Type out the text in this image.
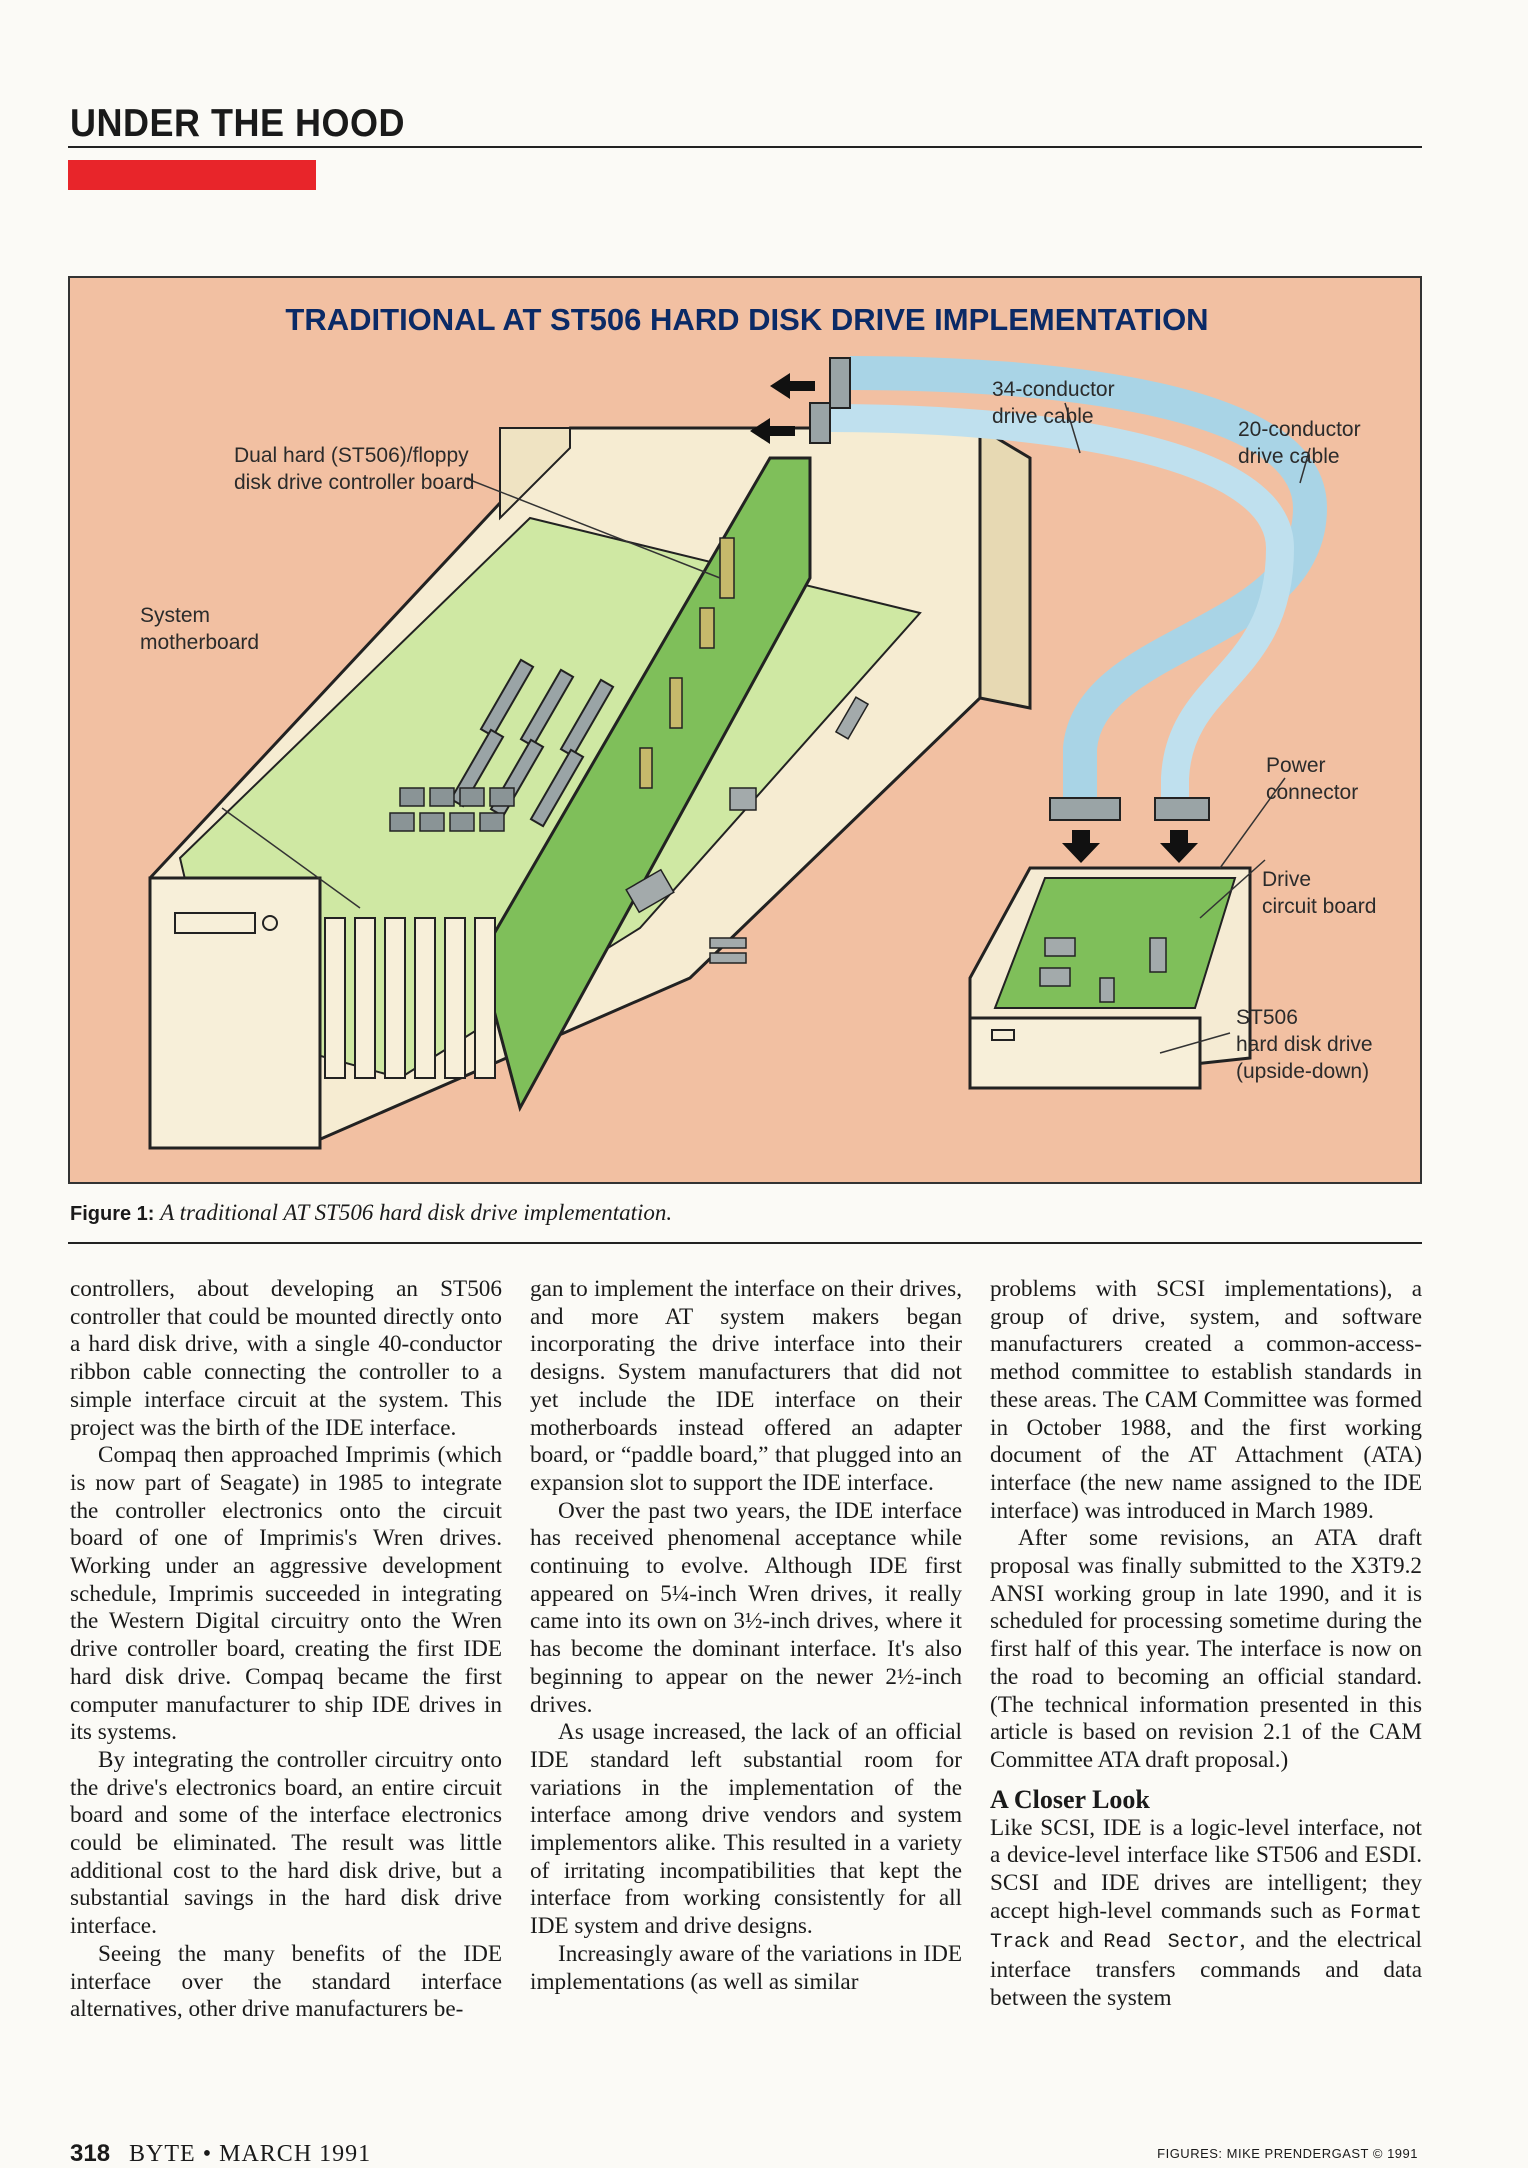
UNDER THE HOOD
TRADITIONAL AT ST506 HARD DISK DRIVE IMPLEMENTATION
Dual hard (ST506)/floppy
disk drive controller board
System
motherboard
34-conductor
drive cable
20-conductor
drive cable
Power
connector
Drive
circuit board
ST506
hard disk drive
(upside-down)
Figure 1: A traditional AT ST506 hard disk drive implementation.

controllers, about developing an ST506 controller that could be mounted directly onto a hard disk drive, with a single 40-conductor ribbon cable connecting the controller to a simple interface circuit at the system. This project was the birth of the IDE interface.

Compaq then approached Imprimis (which is now part of Seagate) in 1985 to integrate the controller electronics onto the circuit board of one of Imprimis's Wren drives. Working under an aggressive development schedule, Imprimis succeeded in integrating the Western Digital circuitry onto the Wren drive controller board, creating the first IDE hard disk drive. Compaq became the first computer manufacturer to ship IDE drives in its systems.

By integrating the controller circuitry onto the drive's electronics board, an entire circuit board and some of the interface electronics could be eliminated. The result was little additional cost to the hard disk drive, but a substantial savings in the hard disk drive interface.

Seeing the many benefits of the IDE interface over the standard interface alternatives, other drive manufacturers be-

gan to implement the interface on their drives, and more AT system makers began incorporating the drive interface into their designs. System manufacturers that did not yet include the IDE interface on their motherboards instead offered an adapter board, or “paddle board,” that plugged into an expansion slot to support the IDE interface.

Over the past two years, the IDE interface has received phenomenal acceptance while continuing to evolve. Although IDE first appeared on 5¼-inch Wren drives, it really came into its own on 3½-inch drives, where it has become the dominant interface. It's also beginning to appear on the newer 2½-inch drives.

As usage increased, the lack of an official IDE standard left substantial room for variations in the implementation of the interface among drive vendors and system implementors alike. This resulted in a variety of irritating incompatibilities that kept the interface from working consistently for all IDE system and drive designs.

Increasingly aware of the variations in IDE implementations (as well as similar

problems with SCSI implementations), a group of drive, system, and software manufacturers created a common-access-method committee to establish standards in these areas. The CAM Committee was formed in October 1988, and the first working document of the AT Attachment (ATA) interface (the new name assigned to the IDE interface) was introduced in March 1989.

After some revisions, an ATA draft proposal was finally submitted to the X3T9.2 ANSI working group in late 1990, and it is scheduled for processing sometime during the first half of this year. The interface is now on the road to becoming an official standard. (The technical information presented in this article is based on revision 2.1 of the CAM Committee ATA draft proposal.)

A Closer Look

Like SCSI, IDE is a logic-level interface, not a device-level interface like ST506 and ESDI. SCSI and IDE drives are intelligent; they accept high-level commands such as Format Track and Read Sector, and the electrical interface transfers commands and data between the system

318 BYTE • MARCH 1991	FIGURES: MIKE PRENDERGAST © 1991
